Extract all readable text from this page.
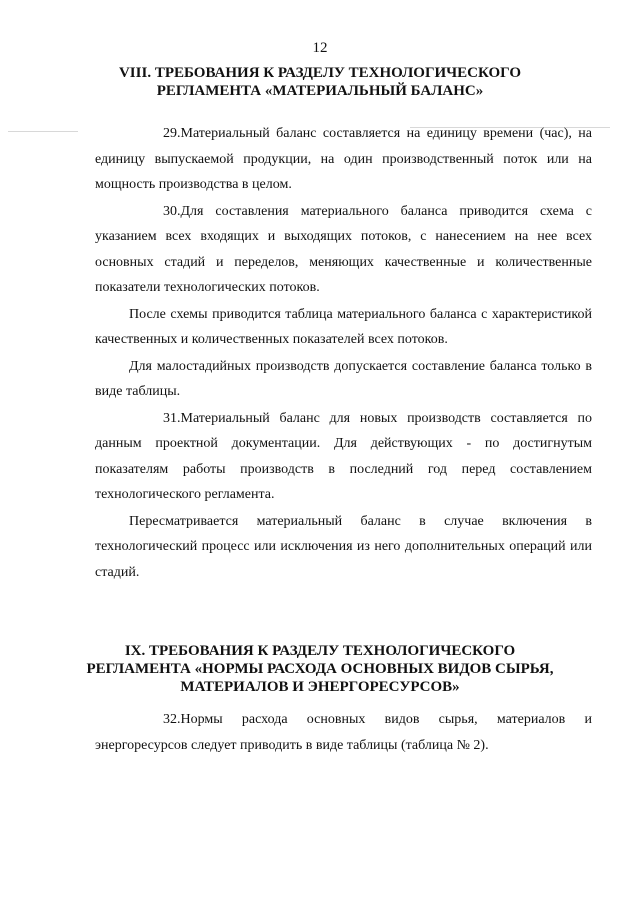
12
VIII. ТРЕБОВАНИЯ К РАЗДЕЛУ ТЕХНОЛОГИЧЕСКОГО
РЕГЛАМЕНТА «МАТЕРИАЛЬНЫЙ БАЛАНС»

29.Материальный баланс составляется на единицу времени (час), на единицу выпускаемой продукции, на один производственный поток или на мощность производства в целом.

30.Для составления материального баланса приводится схема с указанием всех входящих и выходящих потоков, с нанесением на нее всех основных стадий и переделов, меняющих качественные и количественные показатели технологических потоков.

После схемы приводится таблица материального баланса с характеристикой качественных и количественных показателей всех потоков.

Для малостадийных производств допускается составление баланса только в виде таблицы.

31.Материальный баланс для новых производств составляется по данным проектной документации. Для действующих - по достигнутым показателям работы производств в последний год перед составлением технологического регламента.

Пересматривается материальный баланс в случае включения в технологический процесс или исключения из него дополнительных операций или стадий.

IX. ТРЕБОВАНИЯ К РАЗДЕЛУ ТЕХНОЛОГИЧЕСКОГО
РЕГЛАМЕНТА «НОРМЫ РАСХОДА ОСНОВНЫХ ВИДОВ СЫРЬЯ,
МАТЕРИАЛОВ И ЭНЕРГОРЕСУРСОВ»

32.Нормы расхода основных видов сырья, материалов и энергоресурсов следует приводить в виде таблицы (таблица № 2).
